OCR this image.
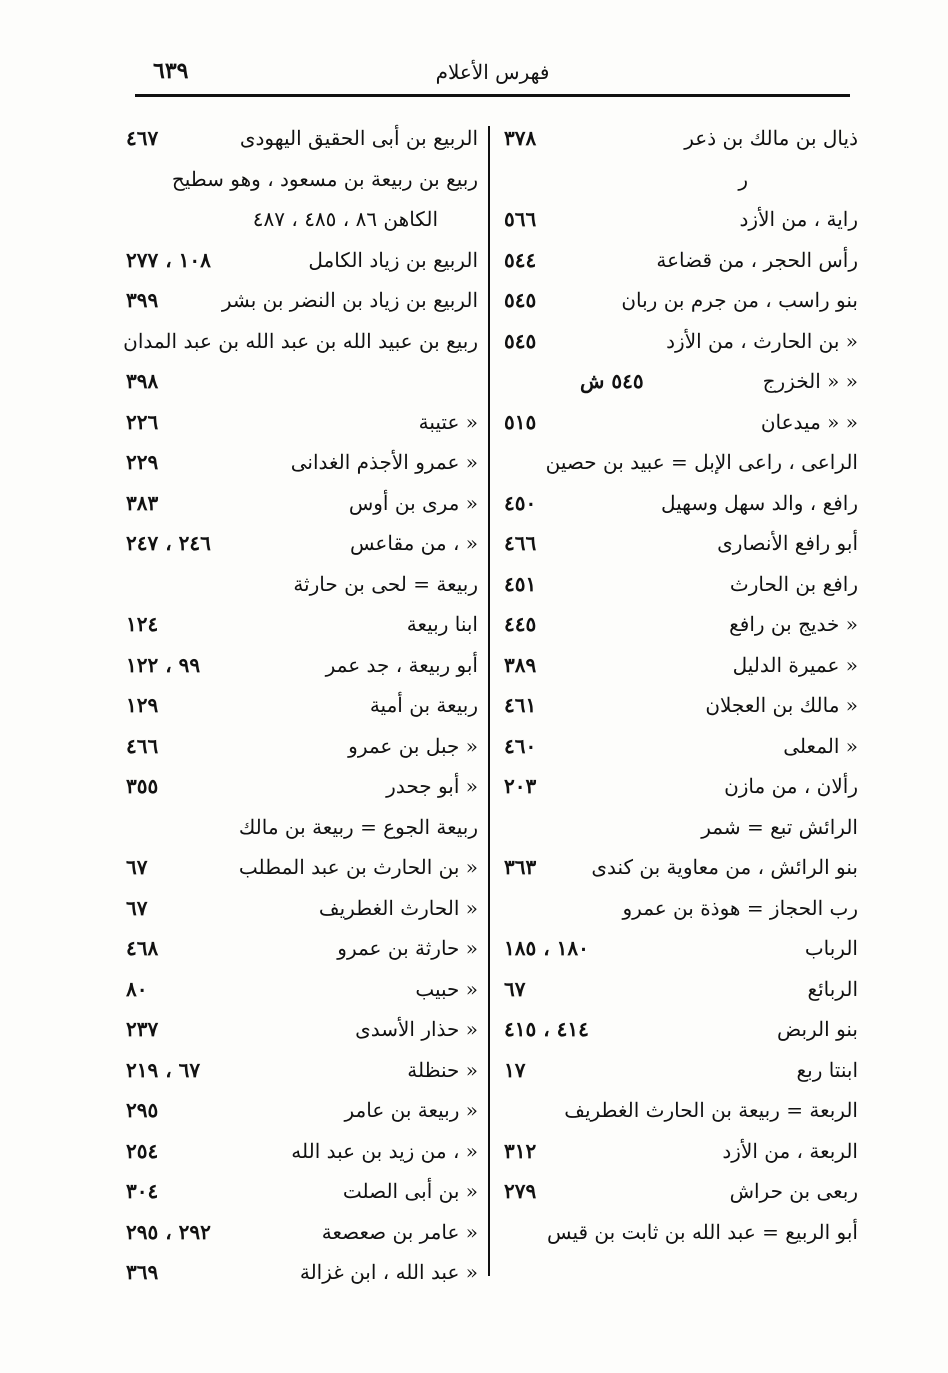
فهرس الأعلام
٦٣٩
ذيال بن مالك بن ذعر
٣٧٨
ر
راية ، من الأزد
٥٦٦
رأس الحجر ، من قضاعة
٥٤٤
بنو راسب ، من جرم بن ربان
٥٤٥
« بن الحارث ، من الأزد
٥٤٥
« « الخزرج
٥٤٥ ش
« « ميدعان
٥١٥
الراعى ، راعى الإبل = عبيد بن حصين
رافع ، والد سهل وسهيل
٤٥٠
أبو رافع الأنصارى
٤٦٦
رافع بن الحارث
٤٥١
« خديج بن رافع
٤٤٥
« عميرة الدليل
٣٨٩
« مالك بن العجلان
٤٦١
« المعلى
٤٦٠
رألان ، من مازن
٢٠٣
الرائش تبع = شمر
بنو الرائش ، من معاوية بن كندى
٣٦٣
رب الحجاز = هوذة بن عمرو
الرباب
١٨٠ ، ١٨٥
الربائع
٦٧
بنو الربض
٤١٤ ، ٤١٥
ابنتا ربع
١٧
الربعة = ربيعة بن الحارث الغطريف
الربعة ، من الأزد
٣١٢
ربعى بن حراش
٢٧٩
أبو الربيع = عبد الله بن ثابت بن قيس
الربيع بن أبى الحقيق اليهودى
٤٦٧
ربيع بن ربيعة بن مسعود ، وهو سطيح
الكاهن ٨٦ ، ٤٨٥ ، ٤٨٧
الربيع بن زياد الكامل
١٠٨ ، ٢٧٧
الربيع بن زياد بن النضر بن بشر
٣٩٩
ربيع بن عبيد الله بن عبد الله بن عبد المدان
٣٩٨
« عتيبة
٢٢٦
« عمرو الأجذم الغدانى
٢٢٩
« مرى بن أوس
٣٨٣
« ، من مقاعس
٢٤٦ ، ٢٤٧
ربيعة = لحى بن حارثة
ابنا ربيعة
١٢٤
أبو ربيعة ، جد عمر
٩٩ ، ١٢٢
ربيعة بن أمية
١٢٩
« جبل بن عمرو
٤٦٦
« أبو جحدر
٣٥٥
ربيعة الجوع = ربيعة بن مالك
« بن الحارث بن عبد المطلب
٦٧
« الحارث الغطريف
٦٧
« حارثة بن عمرو
٤٦٨
« حبيب
٨٠
« حذار الأسدى
٢٣٧
« حنظلة
٦٧ ، ٢١٩
« ربيعة بن عامر
٢٩٥
« ، من زيد بن عبد الله
٢٥٤
« بن أبى الصلت
٣٠٤
« عامر بن صعصعة
٢٩٢ ، ٢٩٥
« عبد الله ، ابن غزالة
٣٦٩
